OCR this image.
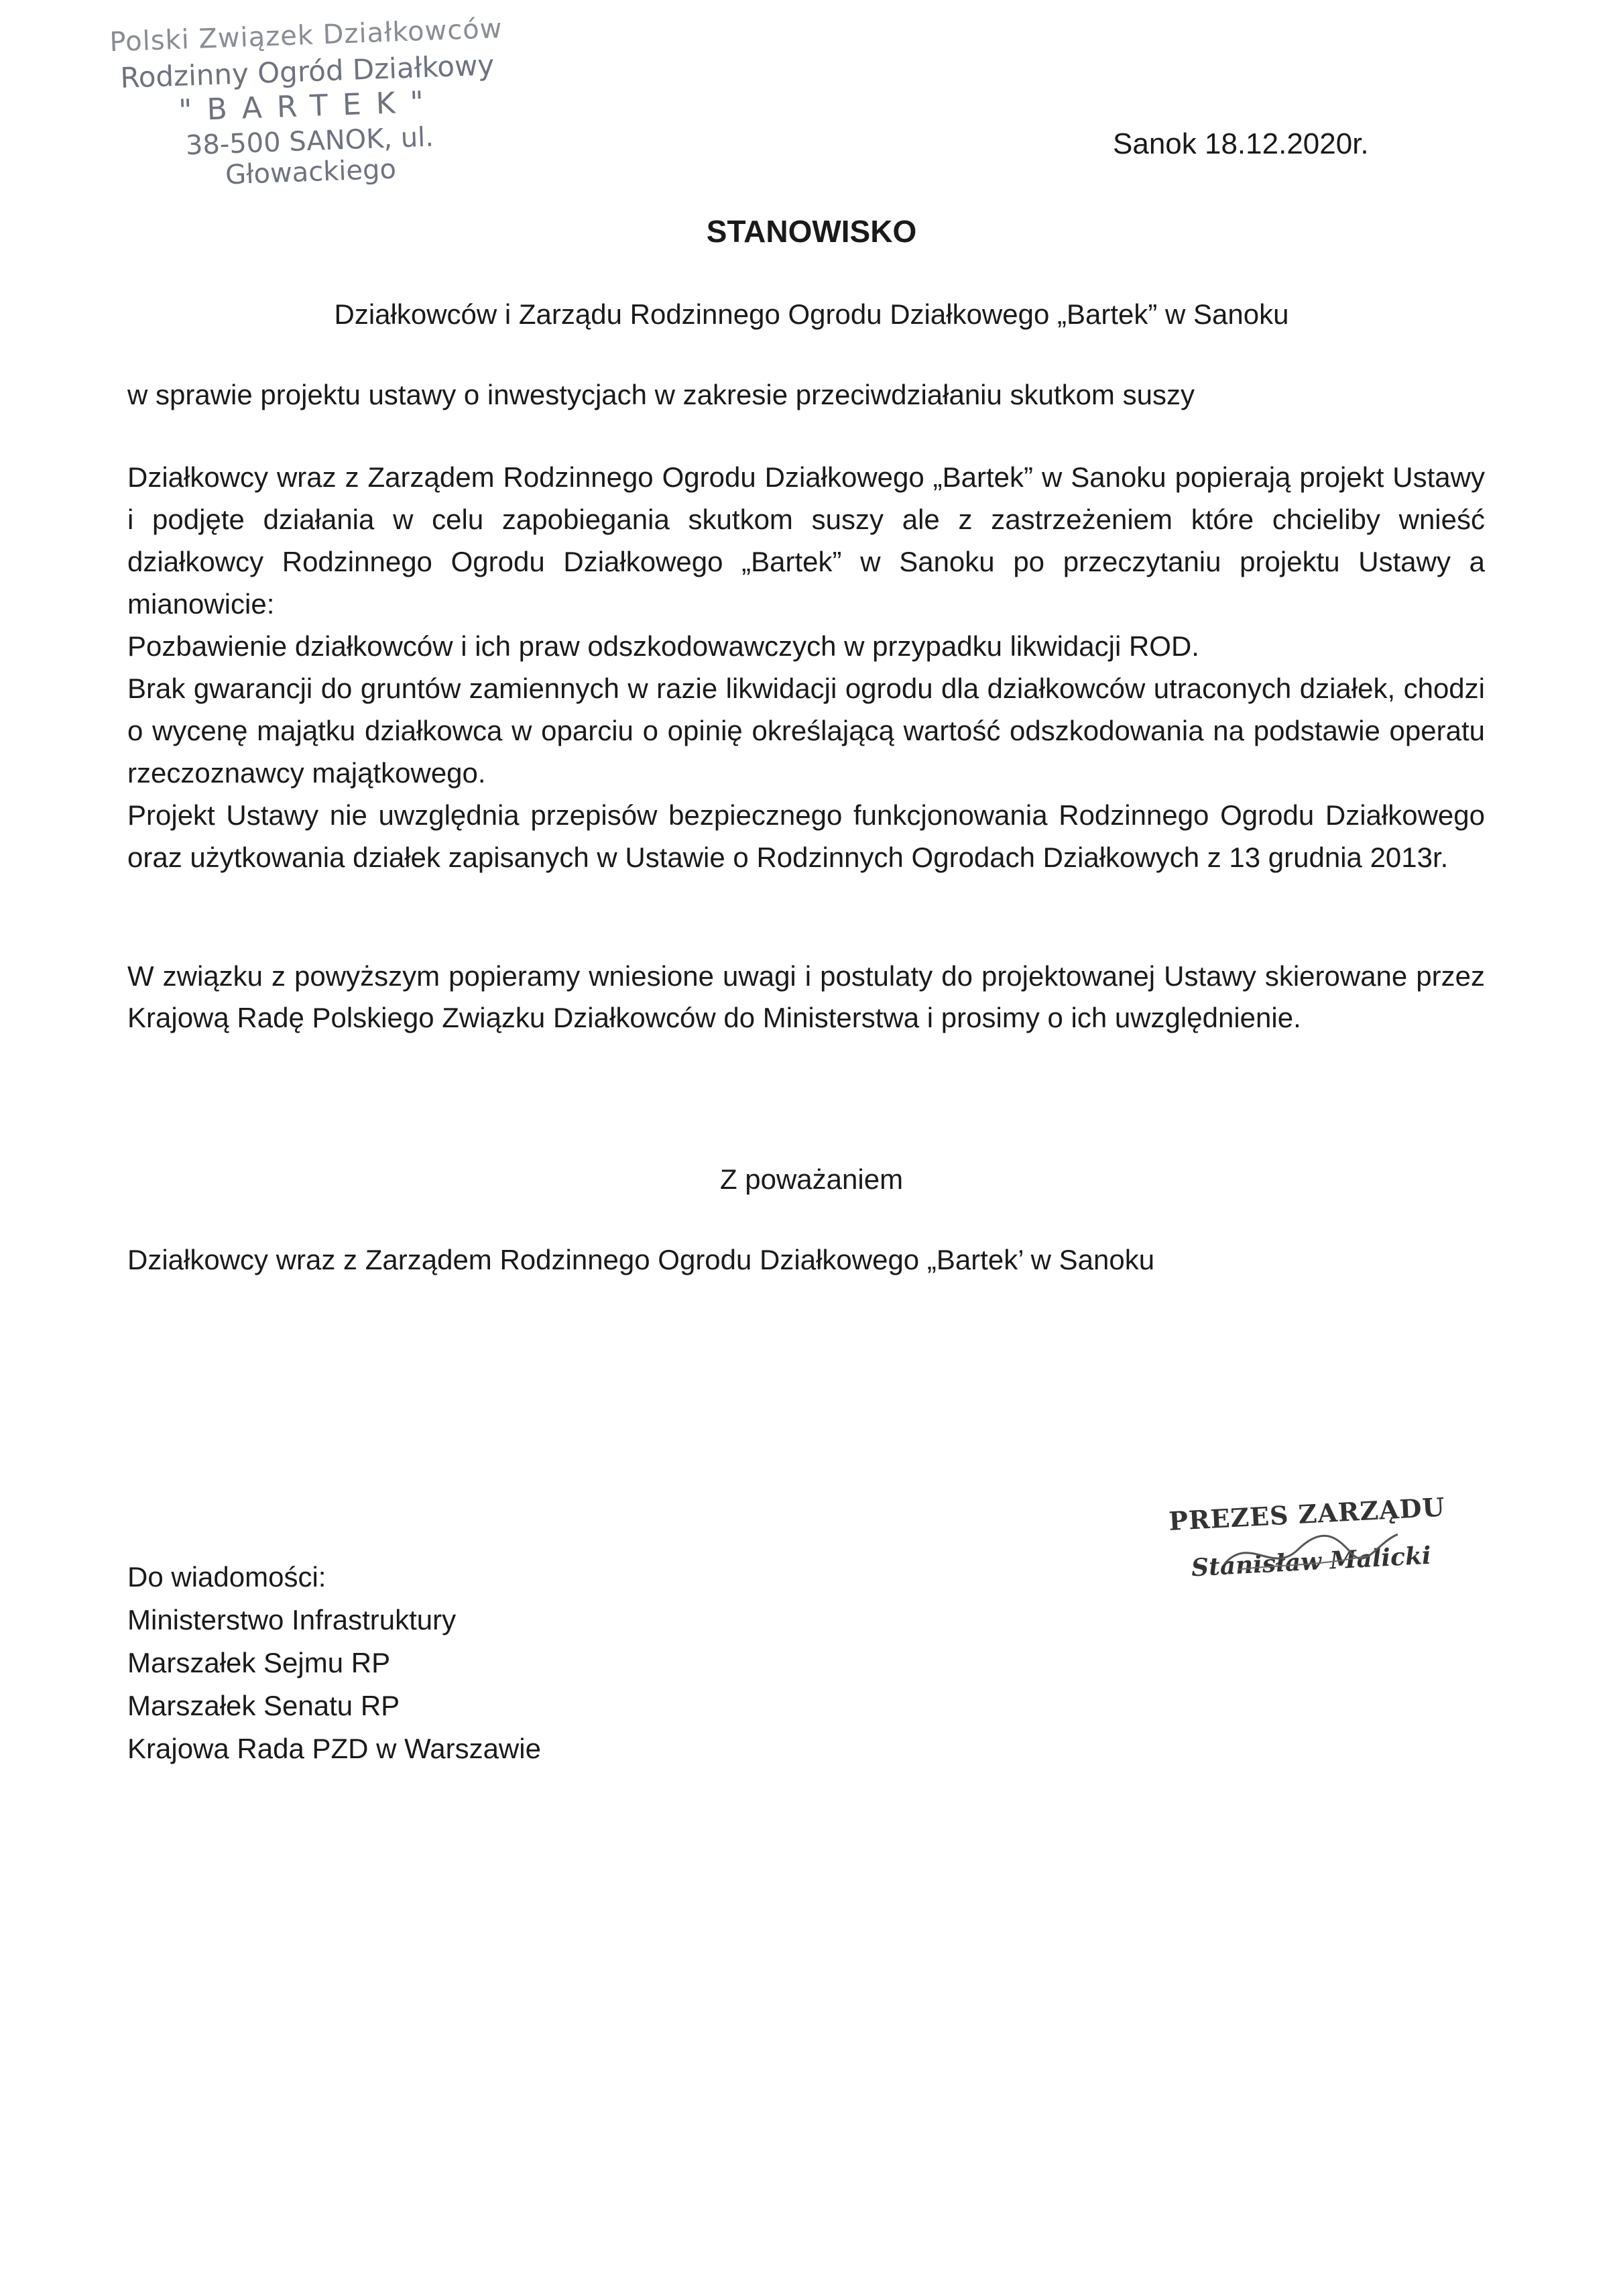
Polski Związek Działkowców
Rodzinny Ogród Działkowy
"BARTEK"
38-500 SANOK, ul. Głowackiego
Sanok 18.12.2020r.
STANOWISKO
Działkowców i Zarządu Rodzinnego Ogrodu Działkowego „Bartek” w Sanoku
w sprawie projektu ustawy o inwestycjach w zakresie przeciwdziałaniu skutkom suszy

Działkowcy wraz z Zarządem Rodzinnego Ogrodu Działkowego „Bartek” w Sanoku popierają projekt Ustawy i podjęte działania w celu zapobiegania skutkom suszy ale z zastrzeżeniem które chcieliby wnieść działkowcy Rodzinnego Ogrodu Działkowego „Bartek” w Sanoku po przeczytaniu projektu Ustawy a mianowicie:

Pozbawienie działkowców i ich praw odszkodowawczych w przypadku likwidacji ROD.

Brak gwarancji do gruntów zamiennych w razie likwidacji ogrodu dla działkowców utraconych działek, chodzi o wycenę majątku działkowca w oparciu o opinię określającą wartość odszkodowania na podstawie operatu rzeczoznawcy majątkowego.

Projekt Ustawy nie uwzględnia przepisów bezpiecznego funkcjonowania Rodzinnego Ogrodu Działkowego oraz użytkowania działek zapisanych w Ustawie o Rodzinnych Ogrodach Działkowych z 13 grudnia 2013r.

W związku z powyższym popieramy wniesione uwagi i postulaty do projektowanej Ustawy skierowane przez Krajową Radę Polskiego Związku Działkowców do Ministerstwa i prosimy o ich uwzględnienie.
Z poważaniem
Działkowcy wraz z Zarządem Rodzinnego Ogrodu Działkowego „Bartek’ w Sanoku
PREZES ZARZĄDU
Stanisław Malicki
Do wiadomości:
Ministerstwo Infrastruktury
Marszałek Sejmu RP
Marszałek Senatu RP
Krajowa Rada PZD w Warszawie
